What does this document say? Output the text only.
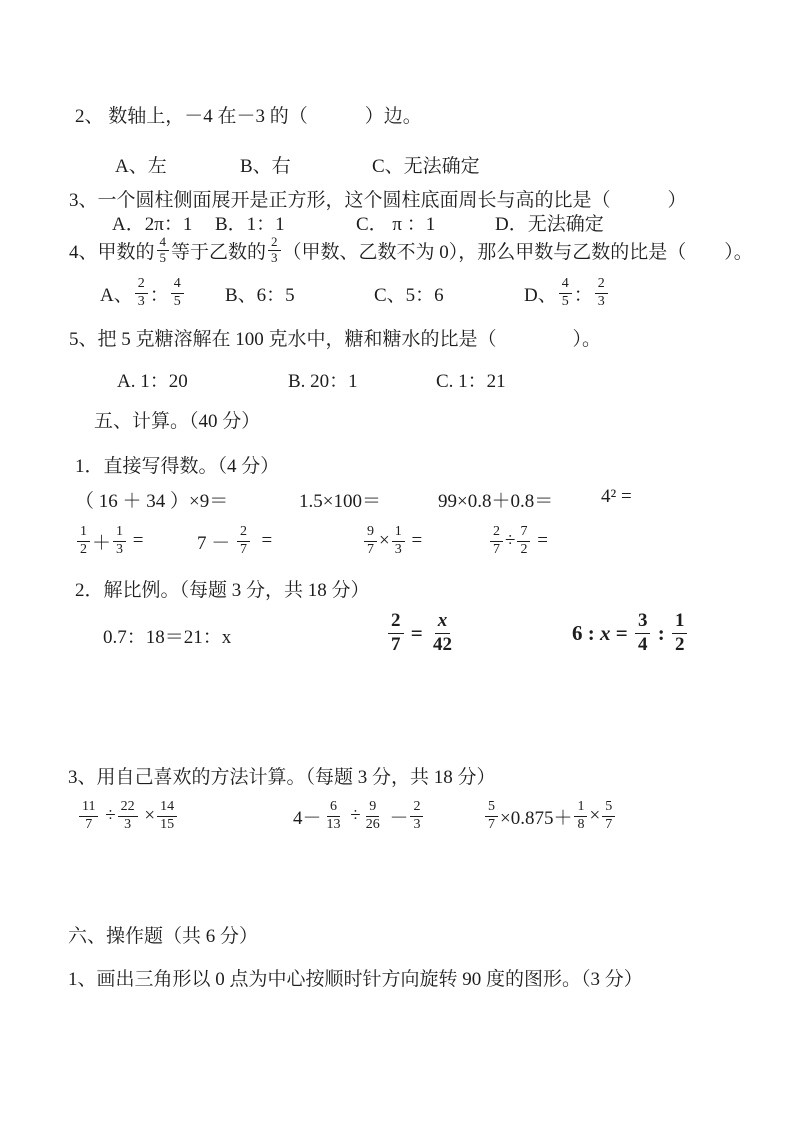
2、 数轴上，－4 在－3 的（　　　）边。
A、左	B、右	C、无法确定
3、一个圆柱侧面展开是正方形，这个圆柱底面周长与高的比是（　　　）
A．2π：1 B．1：1	C． π ：1	D．无法确定
4、甲数的 $\frac{4}{5}$ 等于乙数的 $\frac{2}{3}$ （甲数、乙数不为 0），那么甲数与乙数的比是（　　）。
A、 $\frac{2}{3}$ ： $\frac{4}{5}$ B、6：5	C、5：6	D、 $\frac{4}{5}$ ： $\frac{2}{3}$
5、把 5 克糖溶解在 100 克水中，糖和糖水的比是（　　　　）。
A. 1：20	B. 20：1	C. 1：21
五、计算。（40 分）
1．直接写得数。（4 分）
（ 16 ＋ 34 ）×9＝	1.5×100＝	99×0.8＋0.8＝	4² =
$\frac{1}{2} + \frac{1}{3}$ =	$7 - \frac{2}{7}$ =	$\frac{9}{7} \times \frac{1}{3}$ =	$\frac{2}{7} \div \frac{7}{2}$ =
2．解比例。（每题 3 分，共 18 分）
0.7：18＝21：x	$\frac{2}{7} = \frac{x}{42}$	6 : $x = \frac{3}{4}$ : $\frac{1}{2}$
3、用自己喜欢的方法计算。（每题 3 分，共 18 分）
$\frac{11}{7} \div \frac{22}{3} \times \frac{14}{15}$	$4- \frac{6}{13} \div \frac{9}{26} - \frac{2}{3}$	$\frac{5}{7} \times 0.875+ \frac{1}{8} \times \frac{5}{7}$
六、操作题（共 6 分）
1、画出三角形以 0 点为中心按顺时针方向旋转 90 度的图形。（3 分）
